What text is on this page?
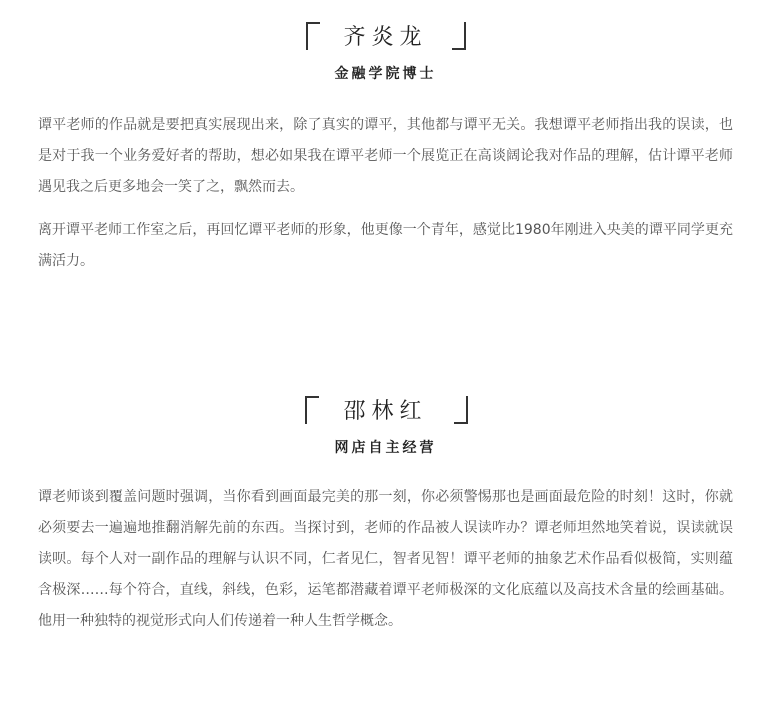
齐炎龙
金融学院博士

谭平老师的作品就是要把真实展现出来，除了真实的谭平，其他都与谭平无关。我想谭平老师指出我的误读，也是对于我一个业务爱好者的帮助，想必如果我在谭平老师一个展览正在高谈阔论我对作品的理解，估计谭平老师遇见我之后更多地会一笑了之，飘然而去。

离开谭平老师工作室之后，再回忆谭平老师的形象，他更像一个青年，感觉比1980年刚进入央美的谭平同学更充满活力。

邵林红
网店自主经营

谭老师谈到覆盖问题时强调，当你看到画面最完美的那一刻，你必须警惕那也是画面最危险的时刻！这时，你就必须要去一遍遍地推翻消解先前的东西。当探讨到，老师的作品被人误读咋办？谭老师坦然地笑着说，误读就误读呗。每个人对一副作品的理解与认识不同，仁者见仁，智者见智！谭平老师的抽象艺术作品看似极简，实则蕴含极深……每个符合，直线，斜线，色彩，运笔都潜藏着谭平老师极深的文化底蕴以及高技术含量的绘画基础。他用一种独特的视觉形式向人们传递着一种人生哲学概念。
